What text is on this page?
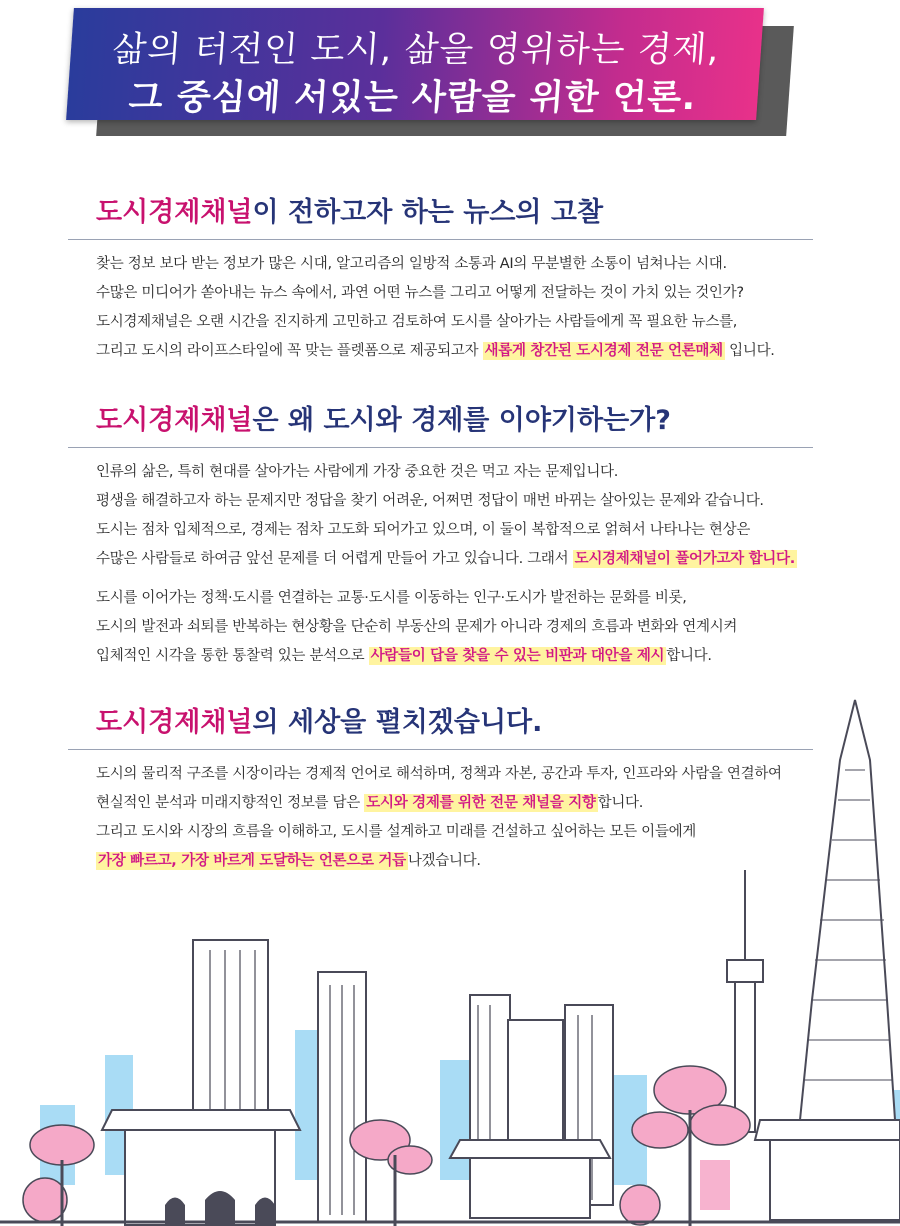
삶의 터전인 도시, 삶을 영위하는 경제,
그 중심에 서있는 사람을 위한 언론.
도시경제채널이 전하고자 하는 뉴스의 고찰
찾는 정보 보다 받는 정보가 많은 시대, 알고리즘의 일방적 소통과 AI의 무분별한 소통이 넘쳐나는 시대.
수많은 미디어가 쏟아내는 뉴스 속에서, 과연 어떤 뉴스를 그리고 어떻게 전달하는 것이 가치 있는 것인가?
도시경제채널은 오랜 시간을 진지하게 고민하고 검토하여 도시를 살아가는 사람들에게 꼭 필요한 뉴스를,
그리고 도시의 라이프스타일에 꼭 맞는 플렛폼으로 제공되고자 새롭게 창간된 도시경제 전문 언론매체 입니다.
도시경제채널은 왜 도시와 경제를 이야기하는가?
인류의 삶은, 특히 현대를 살아가는 사람에게 가장 중요한 것은 먹고 자는 문제입니다.
평생을 해결하고자 하는 문제지만 정답을 찾기 어려운, 어쩌면 정답이 매번 바뀌는 살아있는 문제와 같습니다.
도시는 점차 입체적으로, 경제는 점차 고도화 되어가고 있으며, 이 둘이 복합적으로 얽혀서 나타나는 현상은
수많은 사람들로 하여금 앞선 문제를 더 어렵게 만들어 가고 있습니다. 그래서 도시경제채널이 풀어가고자 합니다.
도시를 이어가는 정책·도시를 연결하는 교통·도시를 이동하는 인구·도시가 발전하는 문화를 비롯,
도시의 발전과 쇠퇴를 반복하는 현상황을 단순히 부동산의 문제가 아니라 경제의 흐름과 변화와 연계시켜
입체적인 시각을 통한 통찰력 있는 분석으로 사람들이 답을 찾을 수 있는 비판과 대안을 제시 합니다.
도시경제채널의 세상을 펼치겠습니다.
도시의 물리적 구조를 시장이라는 경제적 언어로 해석하며, 정책과 자본, 공간과 투자, 인프라와 사람을 연결하여
현실적인 분석과 미래지향적인 정보를 담은 도시와 경제를 위한 전문 채널을 지향 합니다.
그리고 도시와 시장의 흐름을 이해하고, 도시를 설계하고 미래를 건설하고 싶어하는 모든 이들에게
가장 빠르고, 가장 바르게 도달하는 언론으로 거듭 나겠습니다.
